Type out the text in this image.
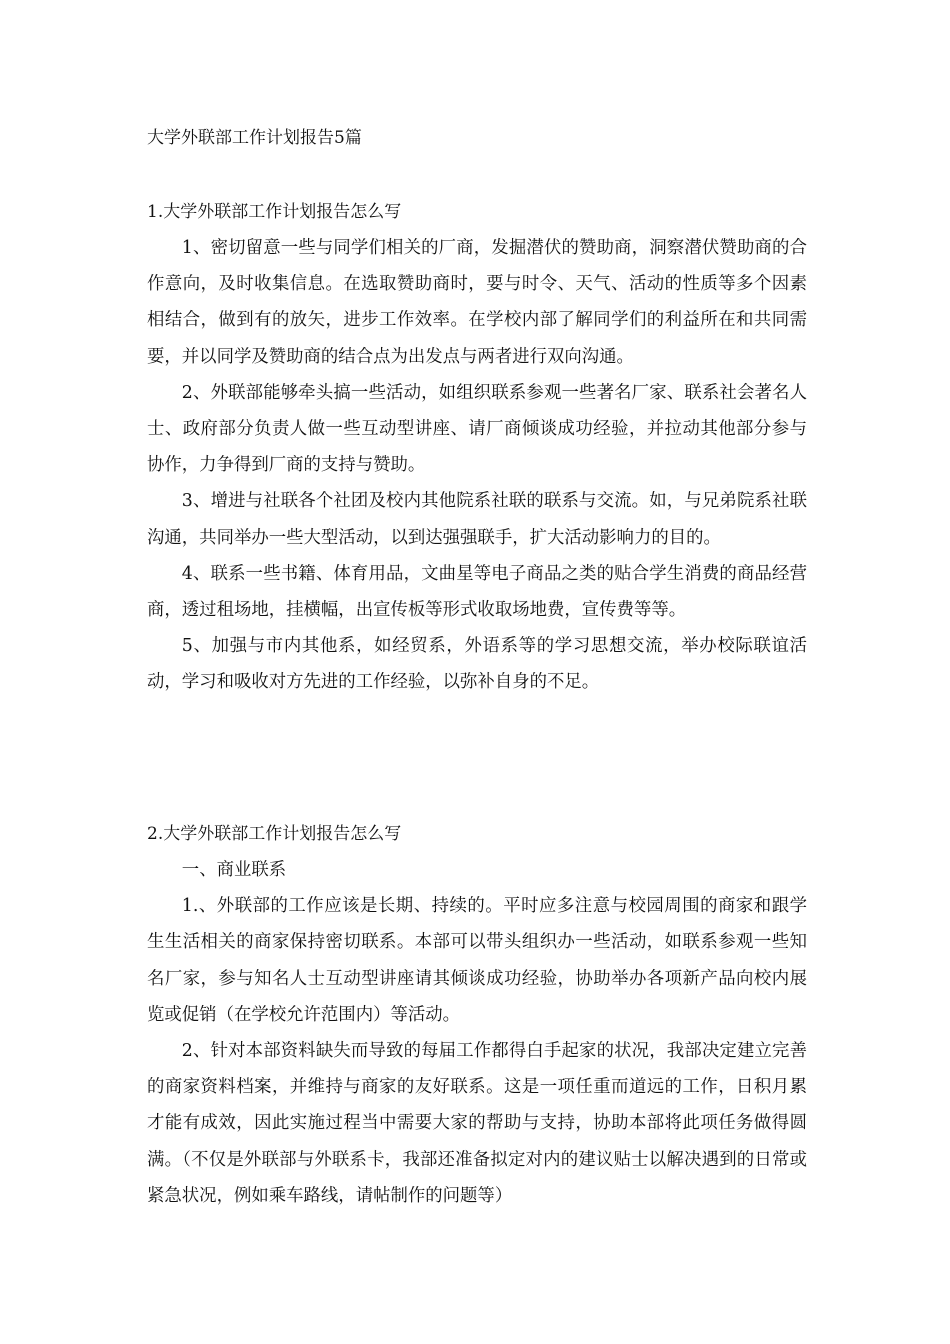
大学外联部工作计划报告5篇
1.大学外联部工作计划报告怎么写

1、密切留意一些与同学们相关的厂商，发掘潜伏的赞助商，洞察潜伏赞助商的合作意向，及时收集信息。在选取赞助商时，要与时令、天气、活动的性质等多个因素相结合，做到有的放矢，进步工作效率。在学校内部了解同学们的利益所在和共同需要，并以同学及赞助商的结合点为出发点与两者进行双向沟通。

2、外联部能够牵头搞一些活动，如组织联系参观一些著名厂家、联系社会著名人士、政府部分负责人做一些互动型讲座、请厂商倾谈成功经验，并拉动其他部分参与协作，力争得到厂商的支持与赞助。

3、增进与社联各个社团及校内其他院系社联的联系与交流。如，与兄弟院系社联沟通，共同举办一些大型活动，以到达强强联手，扩大活动影响力的目的。

4、联系一些书籍、体育用品，文曲星等电子商品之类的贴合学生消费的商品经营商，透过租场地，挂横幅，出宣传板等形式收取场地费，宣传费等等。

5、加强与市内其他系，如经贸系，外语系等的学习思想交流，举办校际联谊活动，学习和吸收对方先进的工作经验，以弥补自身的不足。

2.大学外联部工作计划报告怎么写

一、商业联系

1.、外联部的工作应该是长期、持续的。平时应多注意与校园周围的商家和跟学生生活相关的商家保持密切联系。本部可以带头组织办一些活动，如联系参观一些知名厂家，参与知名人士互动型讲座请其倾谈成功经验，协助举办各项新产品向校内展览或促销（在学校允许范围内）等活动。

2、针对本部资料缺失而导致的每届工作都得白手起家的状况，我部决定建立完善的商家资料档案，并维持与商家的友好联系。这是一项任重而道远的工作，日积月累才能有成效，因此实施过程当中需要大家的帮助与支持，协助本部将此项任务做得圆满。（不仅是外联部与外联系卡，我部还准备拟定对内的建议贴士以解决遇到的日常或紧急状况，例如乘车路线，请帖制作的问题等）
